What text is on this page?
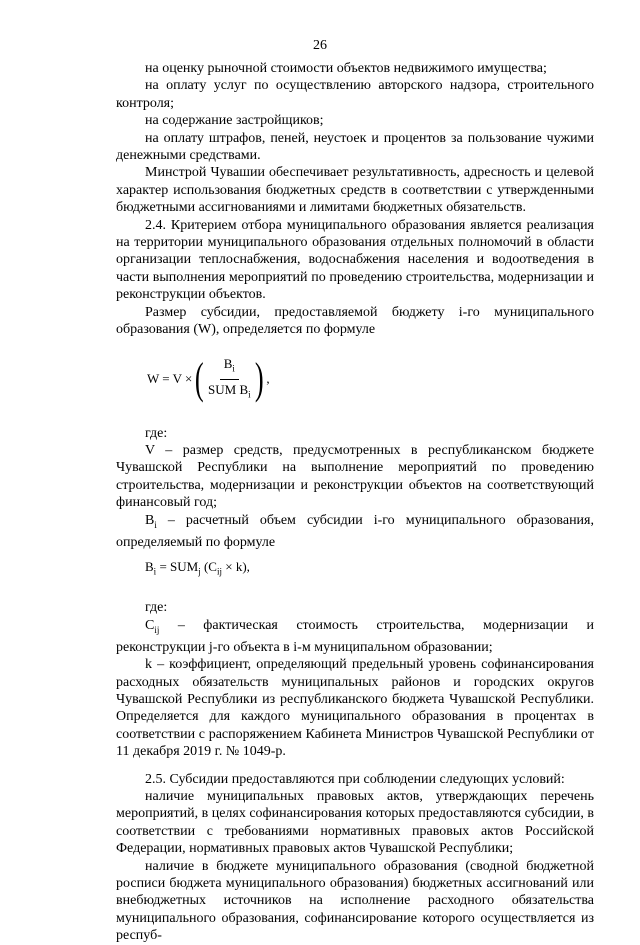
26

на оценку рыночной стоимости объектов недвижимого имущества;

на оплату услуг по осуществлению авторского надзора, строительного контроля;

на содержание застройщиков;

на оплату штрафов, пеней, неустоек и процентов за пользование чужими денежными средствами.

Минстрой Чувашии обеспечивает результативность, адресность и целевой характер использования бюджетных средств в соответствии с утвержденными бюджетными ассигнованиями и лимитами бюджетных обязательств.

2.4. Критерием отбора муниципального образования является реализация на территории муниципального образования отдельных полномочий в области организации теплоснабжения, водоснабжения населения и водоотведения в части выполнения мероприятий по проведению строительства, модернизации и реконструкции объектов.

Размер субсидии, предоставляемой бюджету i-го муниципального образования (W), определяется по формуле

W = V × ( $\frac{B_i}{SUM B_i}$ ) ,

где:

V – размер средств, предусмотренных в республиканском бюджете Чувашской Республики на выполнение мероприятий по проведению строительства, модернизации и реконструкции объектов на соответствующий финансовый год;

$B_i$ – расчетный объем субсидии i-го муниципального образования, определяемый по формуле

$B_i = SUM_j$ $(C_{ij} \times k)$,

где:

$C_{ij}$ – фактическая стоимость строительства, модернизации и реконструкции j-го объекта в i-м муниципальном образовании;

k – коэффициент, определяющий предельный уровень софинансирования расходных обязательств муниципальных районов и городских округов Чувашской Республики из республиканского бюджета Чувашской Республики. Определяется для каждого муниципального образования в процентах в соответствии с распоряжением Кабинета Министров Чувашской Республики от 11 декабря 2019 г. № 1049-р.

2.5. Субсидии предоставляются при соблюдении следующих условий:

наличие муниципальных правовых актов, утверждающих перечень мероприятий, в целях софинансирования которых предоставляются субсидии, в соответствии с требованиями нормативных правовых актов Российской Федерации, нормативных правовых актов Чувашской Республики;

наличие в бюджете муниципального образования (сводной бюджетной росписи бюджета муниципального образования) бюджетных ассигнований или внебюджетных источников на исполнение расходного обязательства муниципального образования, софинансирование которого осуществляется из респуб-
